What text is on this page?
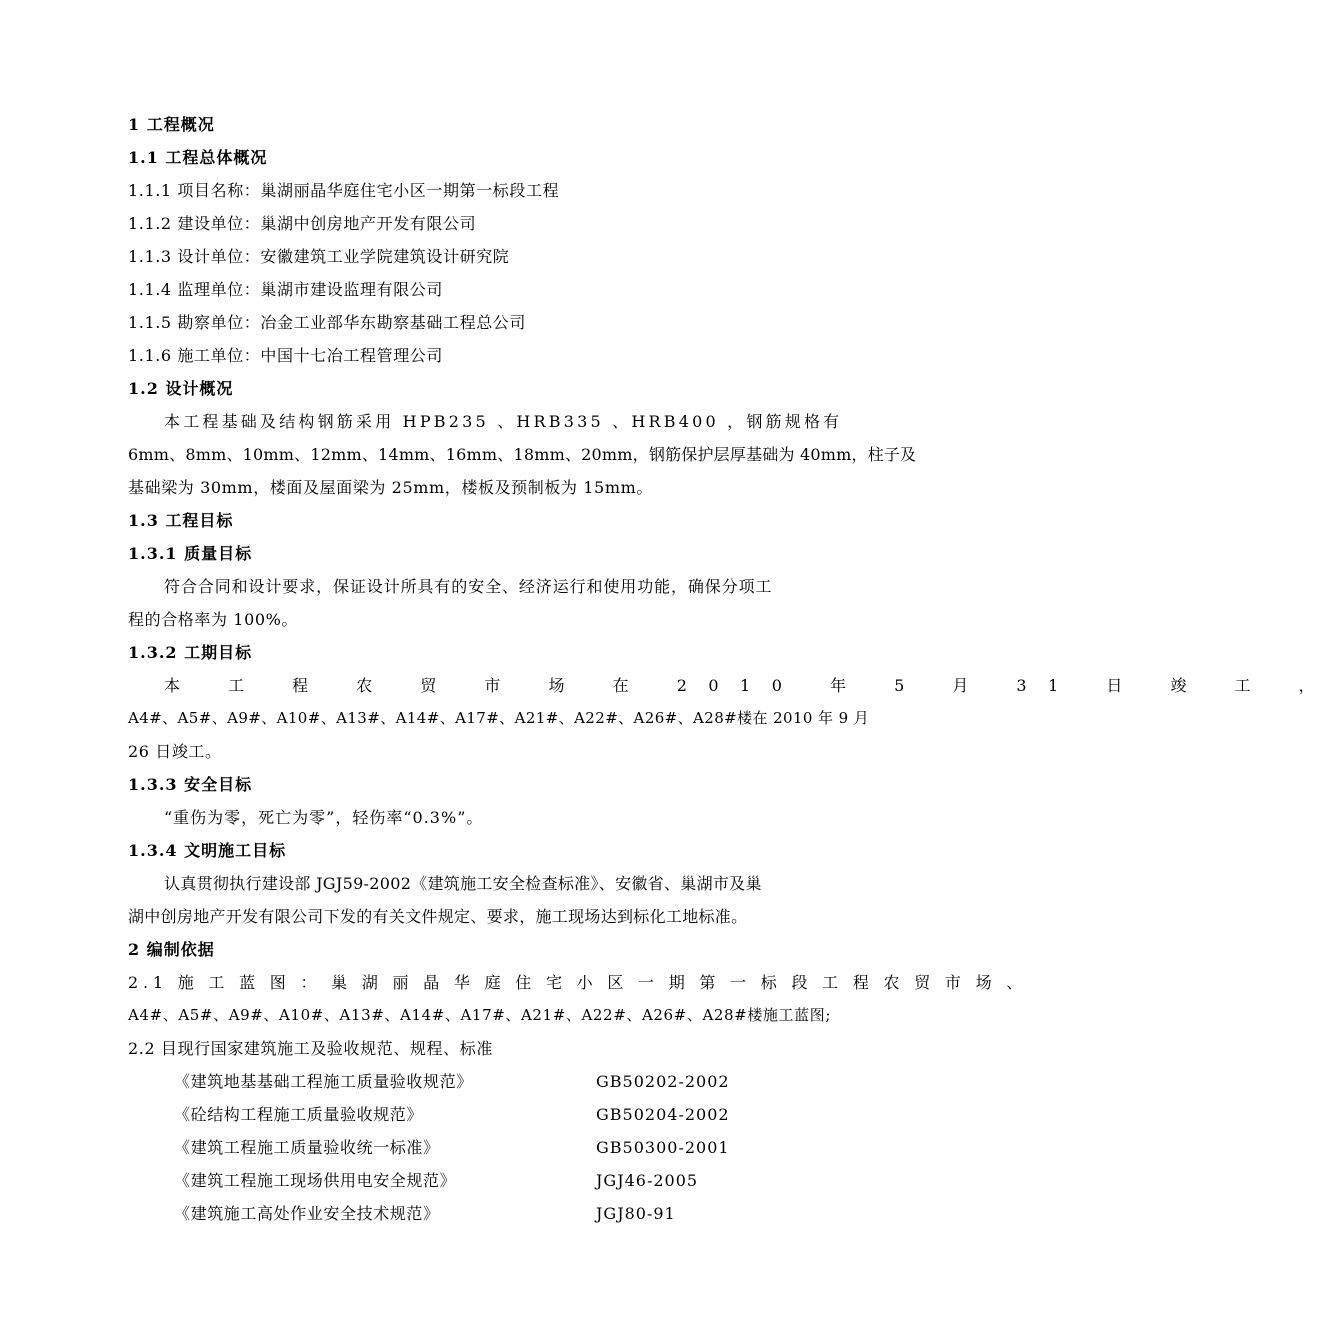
1 工程概况
1.1 工程总体概况
1.1.1 项目名称：巢湖丽晶华庭住宅小区一期第一标段工程
1.1.2 建设单位：巢湖中创房地产开发有限公司
1.1.3 设计单位：安徽建筑工业学院建筑设计研究院
1.1.4 监理单位：巢湖市建设监理有限公司
1.1.5 勘察单位：冶金工业部华东勘察基础工程总公司
1.1.6 施工单位：中国十七冶工程管理公司
1.2 设计概况
本工程基础及结构钢筋采用 HPB235 、HRB335 、HRB400 ，钢筋规格有
6mm、8mm、10mm、12mm、14mm、16mm、18mm、20mm，钢筋保护层厚基础为 40mm，柱子及
基础梁为 30mm，楼面及屋面梁为 25mm，楼板及预制板为 15mm。
1.3 工程目标
1.3.1 质量目标
符合合同和设计要求，保证设计所具有的安全、经济运行和使用功能，确保分项工
程的合格率为 100%。
1.3.2 工期目标
本 工 程 农 贸 市 场 在 2010 年 5 月 31 日 竣 工 ，
A4#、A5#、A9#、A10#、A13#、A14#、A17#、A21#、A22#、A26#、A28#楼在 2010 年 9 月
26 日竣工。
1.3.3 安全目标
“重伤为零，死亡为零”，轻伤率“0.3%”。
1.3.4 文明施工目标
认真贯彻执行建设部 JGJ59-2002《建筑施工安全检查标准》、安徽省、巢湖市及巢
湖中创房地产开发有限公司下发的有关文件规定、要求，施工现场达到标化工地标准。
2 编制依据
2.1 施 工 蓝 图 ： 巢 湖 丽 晶 华 庭 住 宅 小 区 一 期 第 一 标 段 工 程 农 贸 市 场 、
A4#、A5#、A9#、A10#、A13#、A14#、A17#、A21#、A22#、A26#、A28#楼施工蓝图;
2.2 目现行国家建筑施工及验收规范、规程、标准
《建筑地基基础工程施工质量验收规范》	GB50202-2002
《砼结构工程施工质量验收规范》	GB50204-2002
《建筑工程施工质量验收统一标准》	GB50300-2001
《建筑工程施工现场供用电安全规范》	JGJ46-2005
《建筑施工高处作业安全技术规范》	JGJ80-91
